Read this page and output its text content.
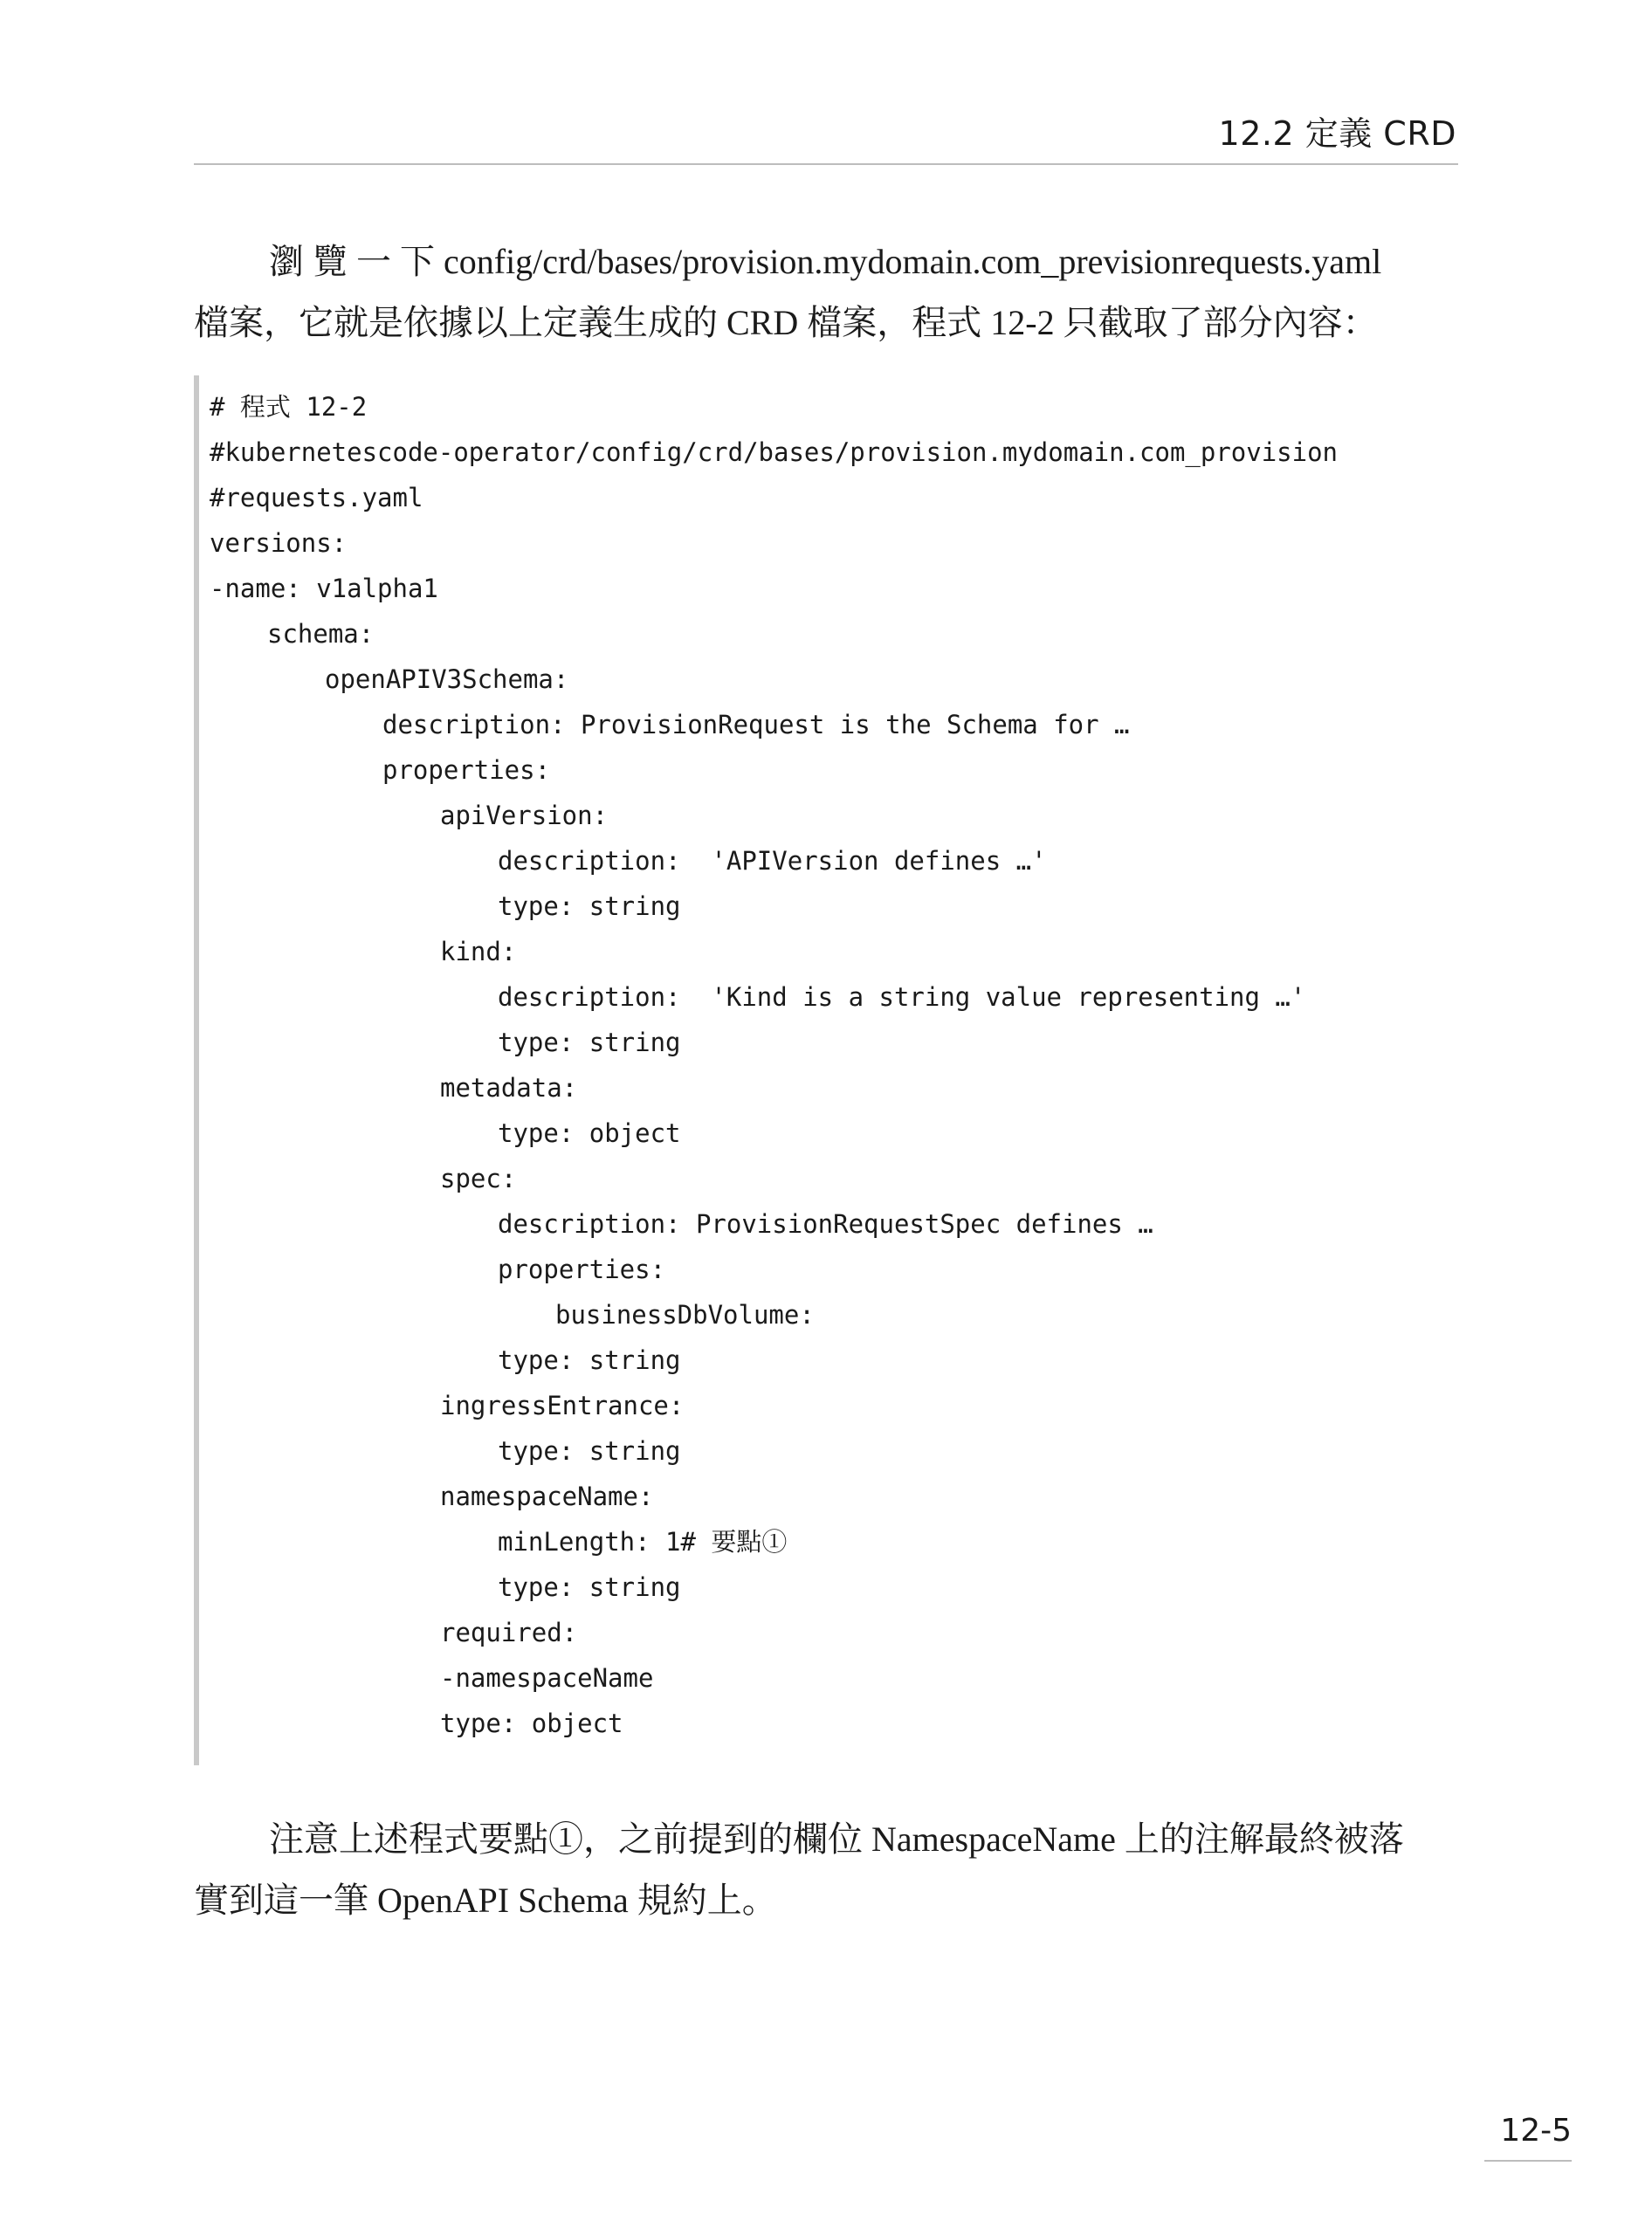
12.2 定義 CRD
瀏 覽 一 下 config/crd/bases/provision.mydomain.com_previsionrequests.yaml
檔案，它就是依據以上定義生成的 CRD 檔案，程式 12-2 只截取了部分內容：
# 程式 12-2
#kubernetescode-operator/config/crd/bases/provision.mydomain.com_provision
#requests.yaml
versions:
-name: v1alpha1
schema:
openAPIV3Schema:
description: ProvisionRequest is the Schema for …
properties:
apiVersion:
description:  'APIVersion defines …'
type: string
kind:
description:  'Kind is a string value representing …'
type: string
metadata:
type: object
spec:
description: ProvisionRequestSpec defines …
properties:
businessDbVolume:
type: string
ingressEntrance:
type: string
namespaceName:
minLength: 1# 要點①
type: string
required:
-namespaceName
type: object
注意上述程式要點①，之前提到的欄位 NamespaceName 上的注解最終被落
實到這一筆 OpenAPI Schema 規約上。
12-5
